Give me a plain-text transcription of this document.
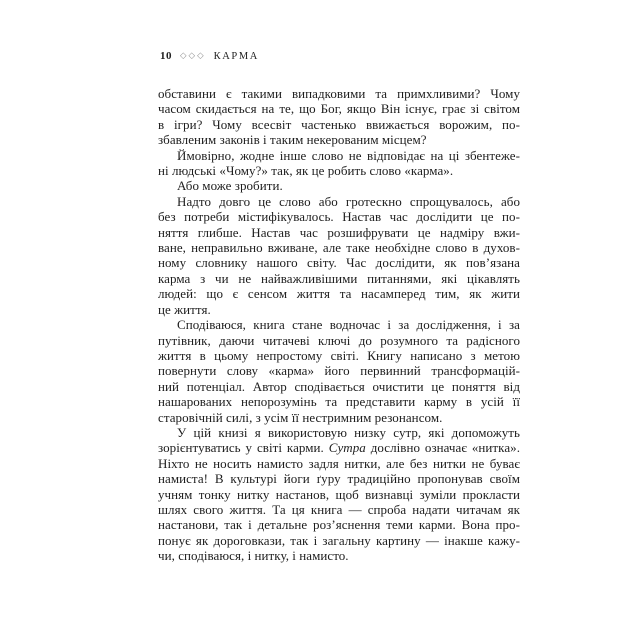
10 ◇◇◇ КАРМА
обставини є такими випадковими та примхливими? Чому
часом скидається на те, що Бог, якщо Він існує, грає зі світом
в ігри? Чому всесвіт частенько ввижається ворожим, по-
збавленим законів і таким некерованим місцем?
Ймовірно, жодне інше слово не відповідає на ці збентеже-
ні людські «Чому?» так, як це робить слово «карма».
Або може зробити.
Надто довго це слово або гротескно спрощувалось, або
без потреби містифікувалось. Настав час дослідити це по-
няття глибше. Настав час розшифрувати це надміру вжи-
ване, неправильно вживане, але таке необхідне слово в духов-
ному словнику нашого світу. Час дослідити, як пов’язана
карма з чи не найважливішими питаннями, які цікавлять
людей: що є сенсом життя та насамперед тим, як жити
це життя.
Сподіваюся, книга стане водночас і за дослідження, і за
путівник, даючи читачеві ключі до розумного та радісного
життя в цьому непростому світі. Книгу написано з метою
повернути слову «карма» його первинний трансформацій-
ний потенціал. Автор сподівається очистити це поняття від
нашарованих непорозумінь та представити карму в усій її
старовічній силі, з усім її нестримним резонансом.
У цій книзі я використовую низку сутр, які допоможуть
зорієнтуватись у світі карми. Сутра дослівно означає «нитка».
Ніхто не носить намисто задля нитки, але без нитки не буває
намиста! В культурі йоги ґуру традиційно пропонував своїм
учням тонку нитку настанов, щоб визнавці зуміли прокласти
шлях свого життя. Та ця книга — спроба надати читачам як
настанови, так і детальне роз’яснення теми карми. Вона про-
понує як дороговкази, так і загальну картину — інакше кажу-
чи, сподіваюся, і нитку, і намисто.
